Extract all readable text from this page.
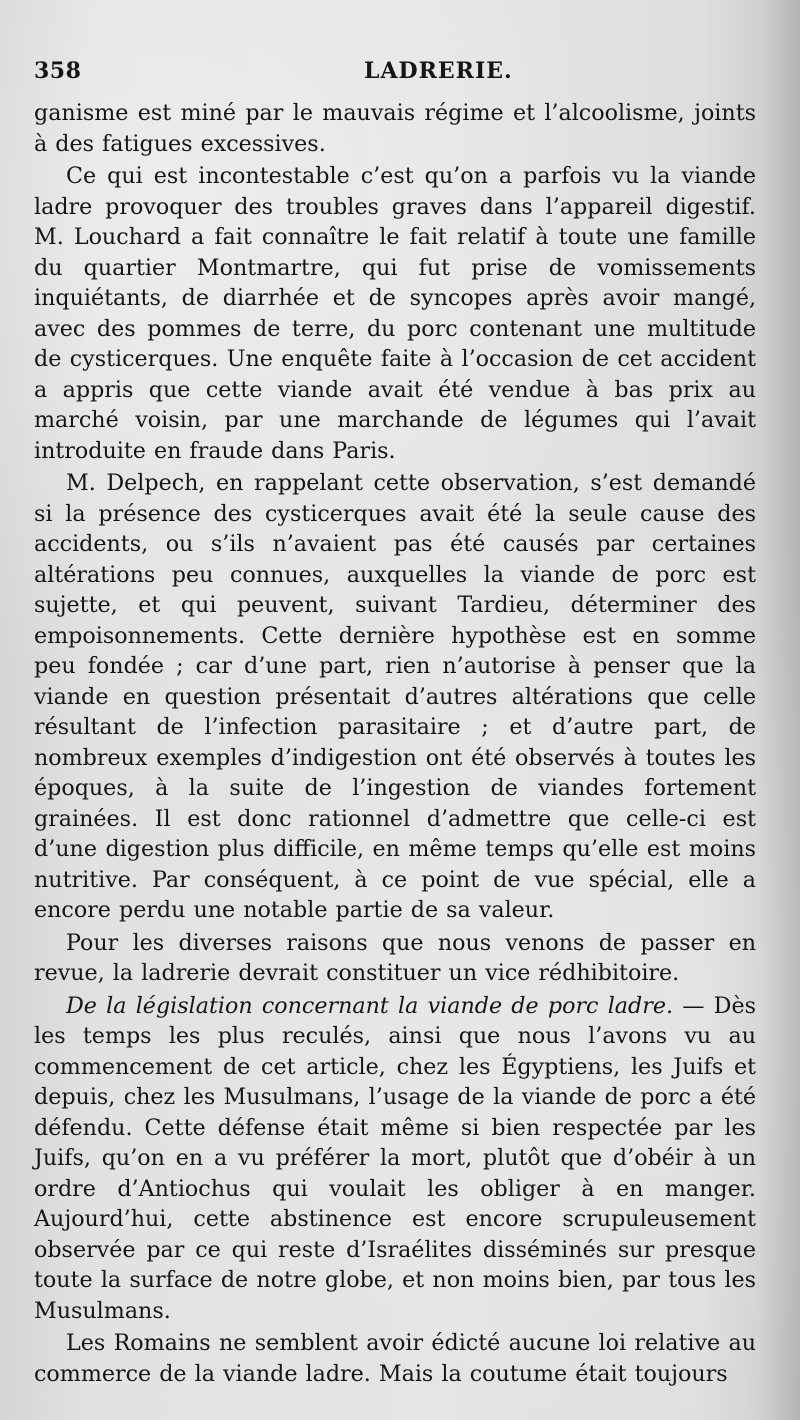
358	LADRERIE.

ganisme est miné par le mauvais régime et l’alcoolisme, joints à des fatigues excessives.

Ce qui est incontestable c’est qu’on a parfois vu la viande ladre provoquer des troubles graves dans l’appareil digestif. M. Louchard a fait connaître le fait relatif à toute une famille du quartier Montmartre, qui fut prise de vomissements inquiétants, de diarrhée et de syncopes après avoir mangé, avec des pommes de terre, du porc contenant une multitude de cysticerques. Une enquête faite à l’occasion de cet accident a appris que cette viande avait été vendue à bas prix au marché voisin, par une marchande de légumes qui l’avait introduite en fraude dans Paris.

M. Delpech, en rappelant cette observation, s’est demandé si la présence des cysticerques avait été la seule cause des accidents, ou s’ils n’avaient pas été causés par certaines altérations peu connues, auxquelles la viande de porc est sujette, et qui peuvent, suivant Tardieu, déterminer des empoisonnements. Cette dernière hypothèse est en somme peu fondée ; car d’une part, rien n’autorise à penser que la viande en question présentait d’autres altérations que celle résultant de l’infection parasitaire ; et d’autre part, de nombreux exemples d’indigestion ont été observés à toutes les époques, à la suite de l’ingestion de viandes fortement grainées. Il est donc rationnel d’admettre que celle-ci est d’une digestion plus difficile, en même temps qu’elle est moins nutritive. Par conséquent, à ce point de vue spécial, elle a encore perdu une notable partie de sa valeur.

Pour les diverses raisons que nous venons de passer en revue, la ladrerie devrait constituer un vice rédhibitoire.

De la législation concernant la viande de porc ladre. — Dès les temps les plus reculés, ainsi que nous l’avons vu au commencement de cet article, chez les Égyptiens, les Juifs et depuis, chez les Musulmans, l’usage de la viande de porc a été défendu. Cette défense était même si bien respectée par les Juifs, qu’on en a vu préférer la mort, plutôt que d’obéir à un ordre d’Antiochus qui voulait les obliger à en manger. Aujourd’hui, cette abstinence est encore scrupuleusement observée par ce qui reste d’Israélites disséminés sur presque toute la surface de notre globe, et non moins bien, par tous les Musulmans.

Les Romains ne semblent avoir édicté aucune loi relative au commerce de la viande ladre. Mais la coutume était toujours
